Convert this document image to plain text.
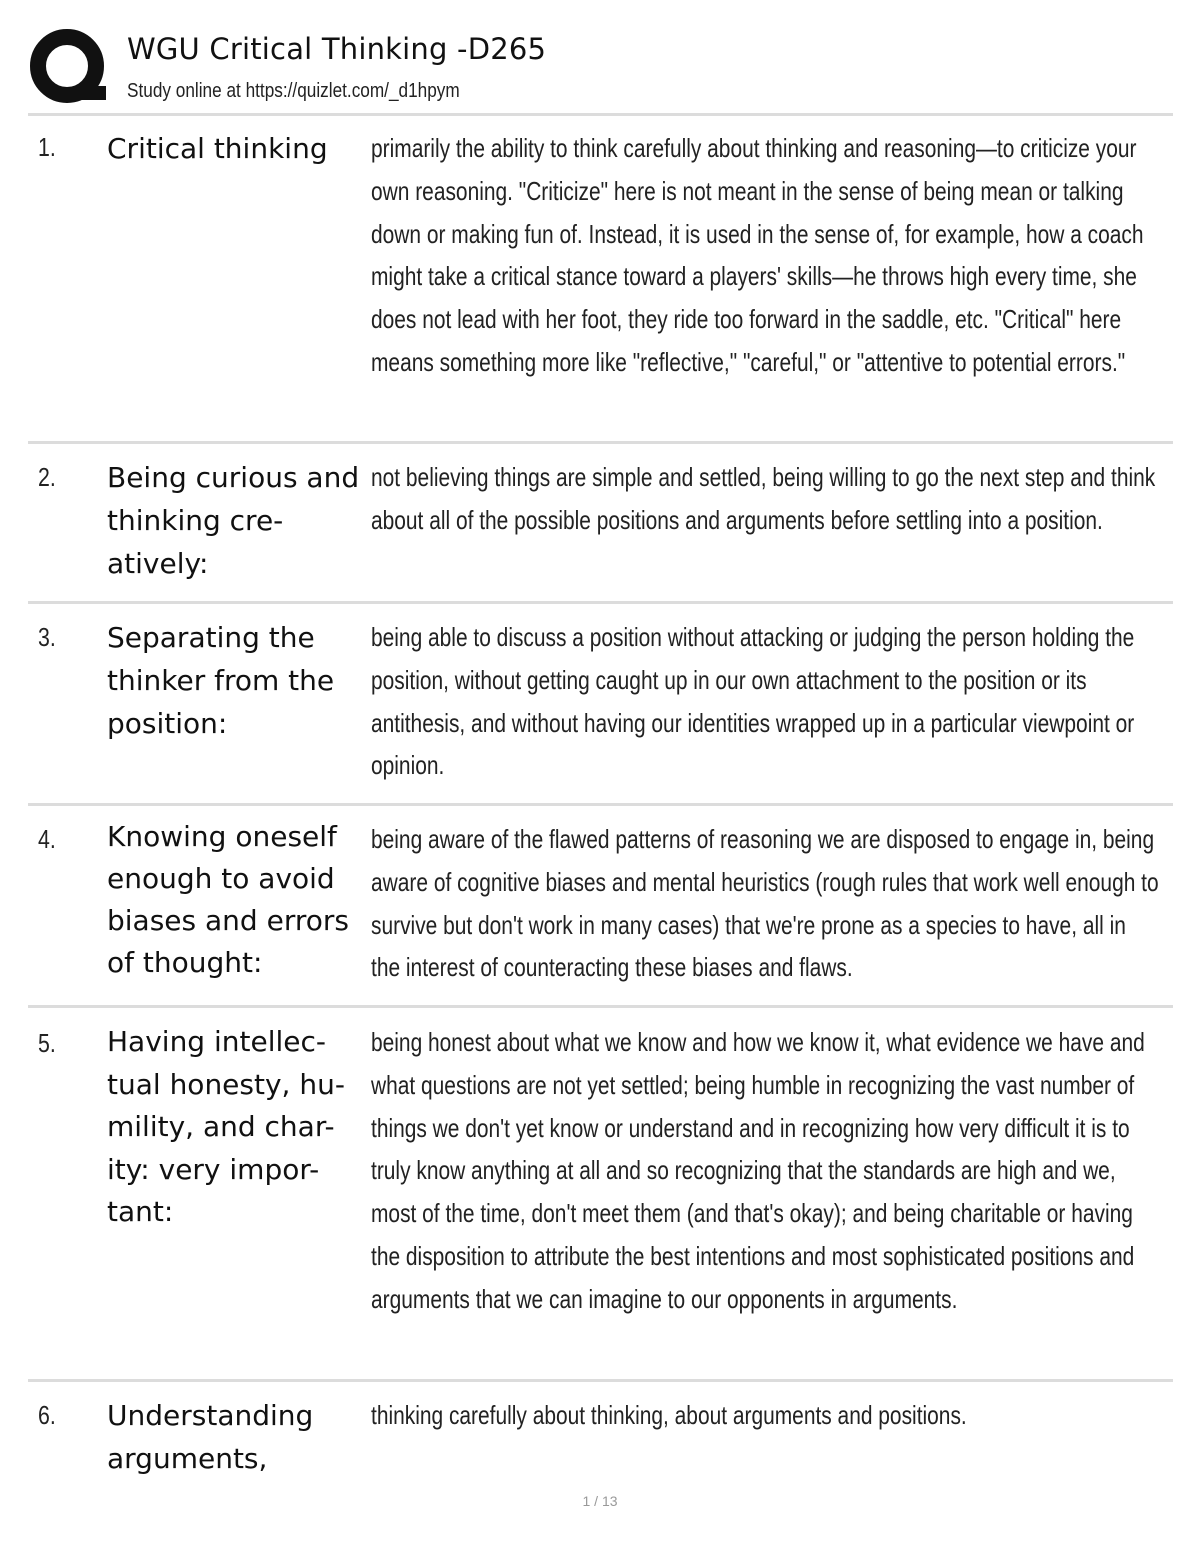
WGU Critical Thinking -D265
Study online at https://quizlet.com/_d1hpym
1. Critical thinking	primarily the ability to think carefully about thinking and reasoning—to criticize your own reasoning. "Criticize" here is not meant in the sense of being mean or talking down or making fun of. Instead, it is used in the sense of, for example, how a coach might take a critical stance toward a players' skills—he throws high every time, she does not lead with her foot, they ride too forward in the saddle, etc. "Critical" here means something more like "reflective," "careful," or "attentive to potential errors."
2. Being curious and thinking cre-atively:
not believing things are simple and settled, being willing to go the next step and think about all of the possible positions and arguments before settling into a position.
3. Separating the thinker from the position:
being able to discuss a position without attacking or judging the person holding the position, without getting caught up in our own attachment to the position or its antithesis, and without having our identities wrapped up in a particular viewpoint or opinion.
4. Knowing oneself enough to avoid biases and errors of thought:
being aware of the flawed patterns of reasoning we are disposed to engage in, being aware of cognitive biases and mental heuristics (rough rules that work well enough to survive but don't work in many cases) that we're prone as a species to have, all in the interest of counteracting these biases and flaws.
5. Having intellec-tual honesty, hu-mility, and char-ity: very impor-tant:
being honest about what we know and how we know it, what evidence we have and what questions are not yet settled; being humble in recognizing the vast number of things we don't yet know or understand and in recognizing how very difficult it is to truly know anything at all and so recognizing that the standards are high and we, most of the time, don't meet them (and that's okay); and being charitable or having the disposition to attribute the best intentions and most sophisticated positions and arguments that we can imagine to our opponents in arguments.
6. Understanding arguments,
thinking carefully about thinking, about arguments and positions.
1 / 13
